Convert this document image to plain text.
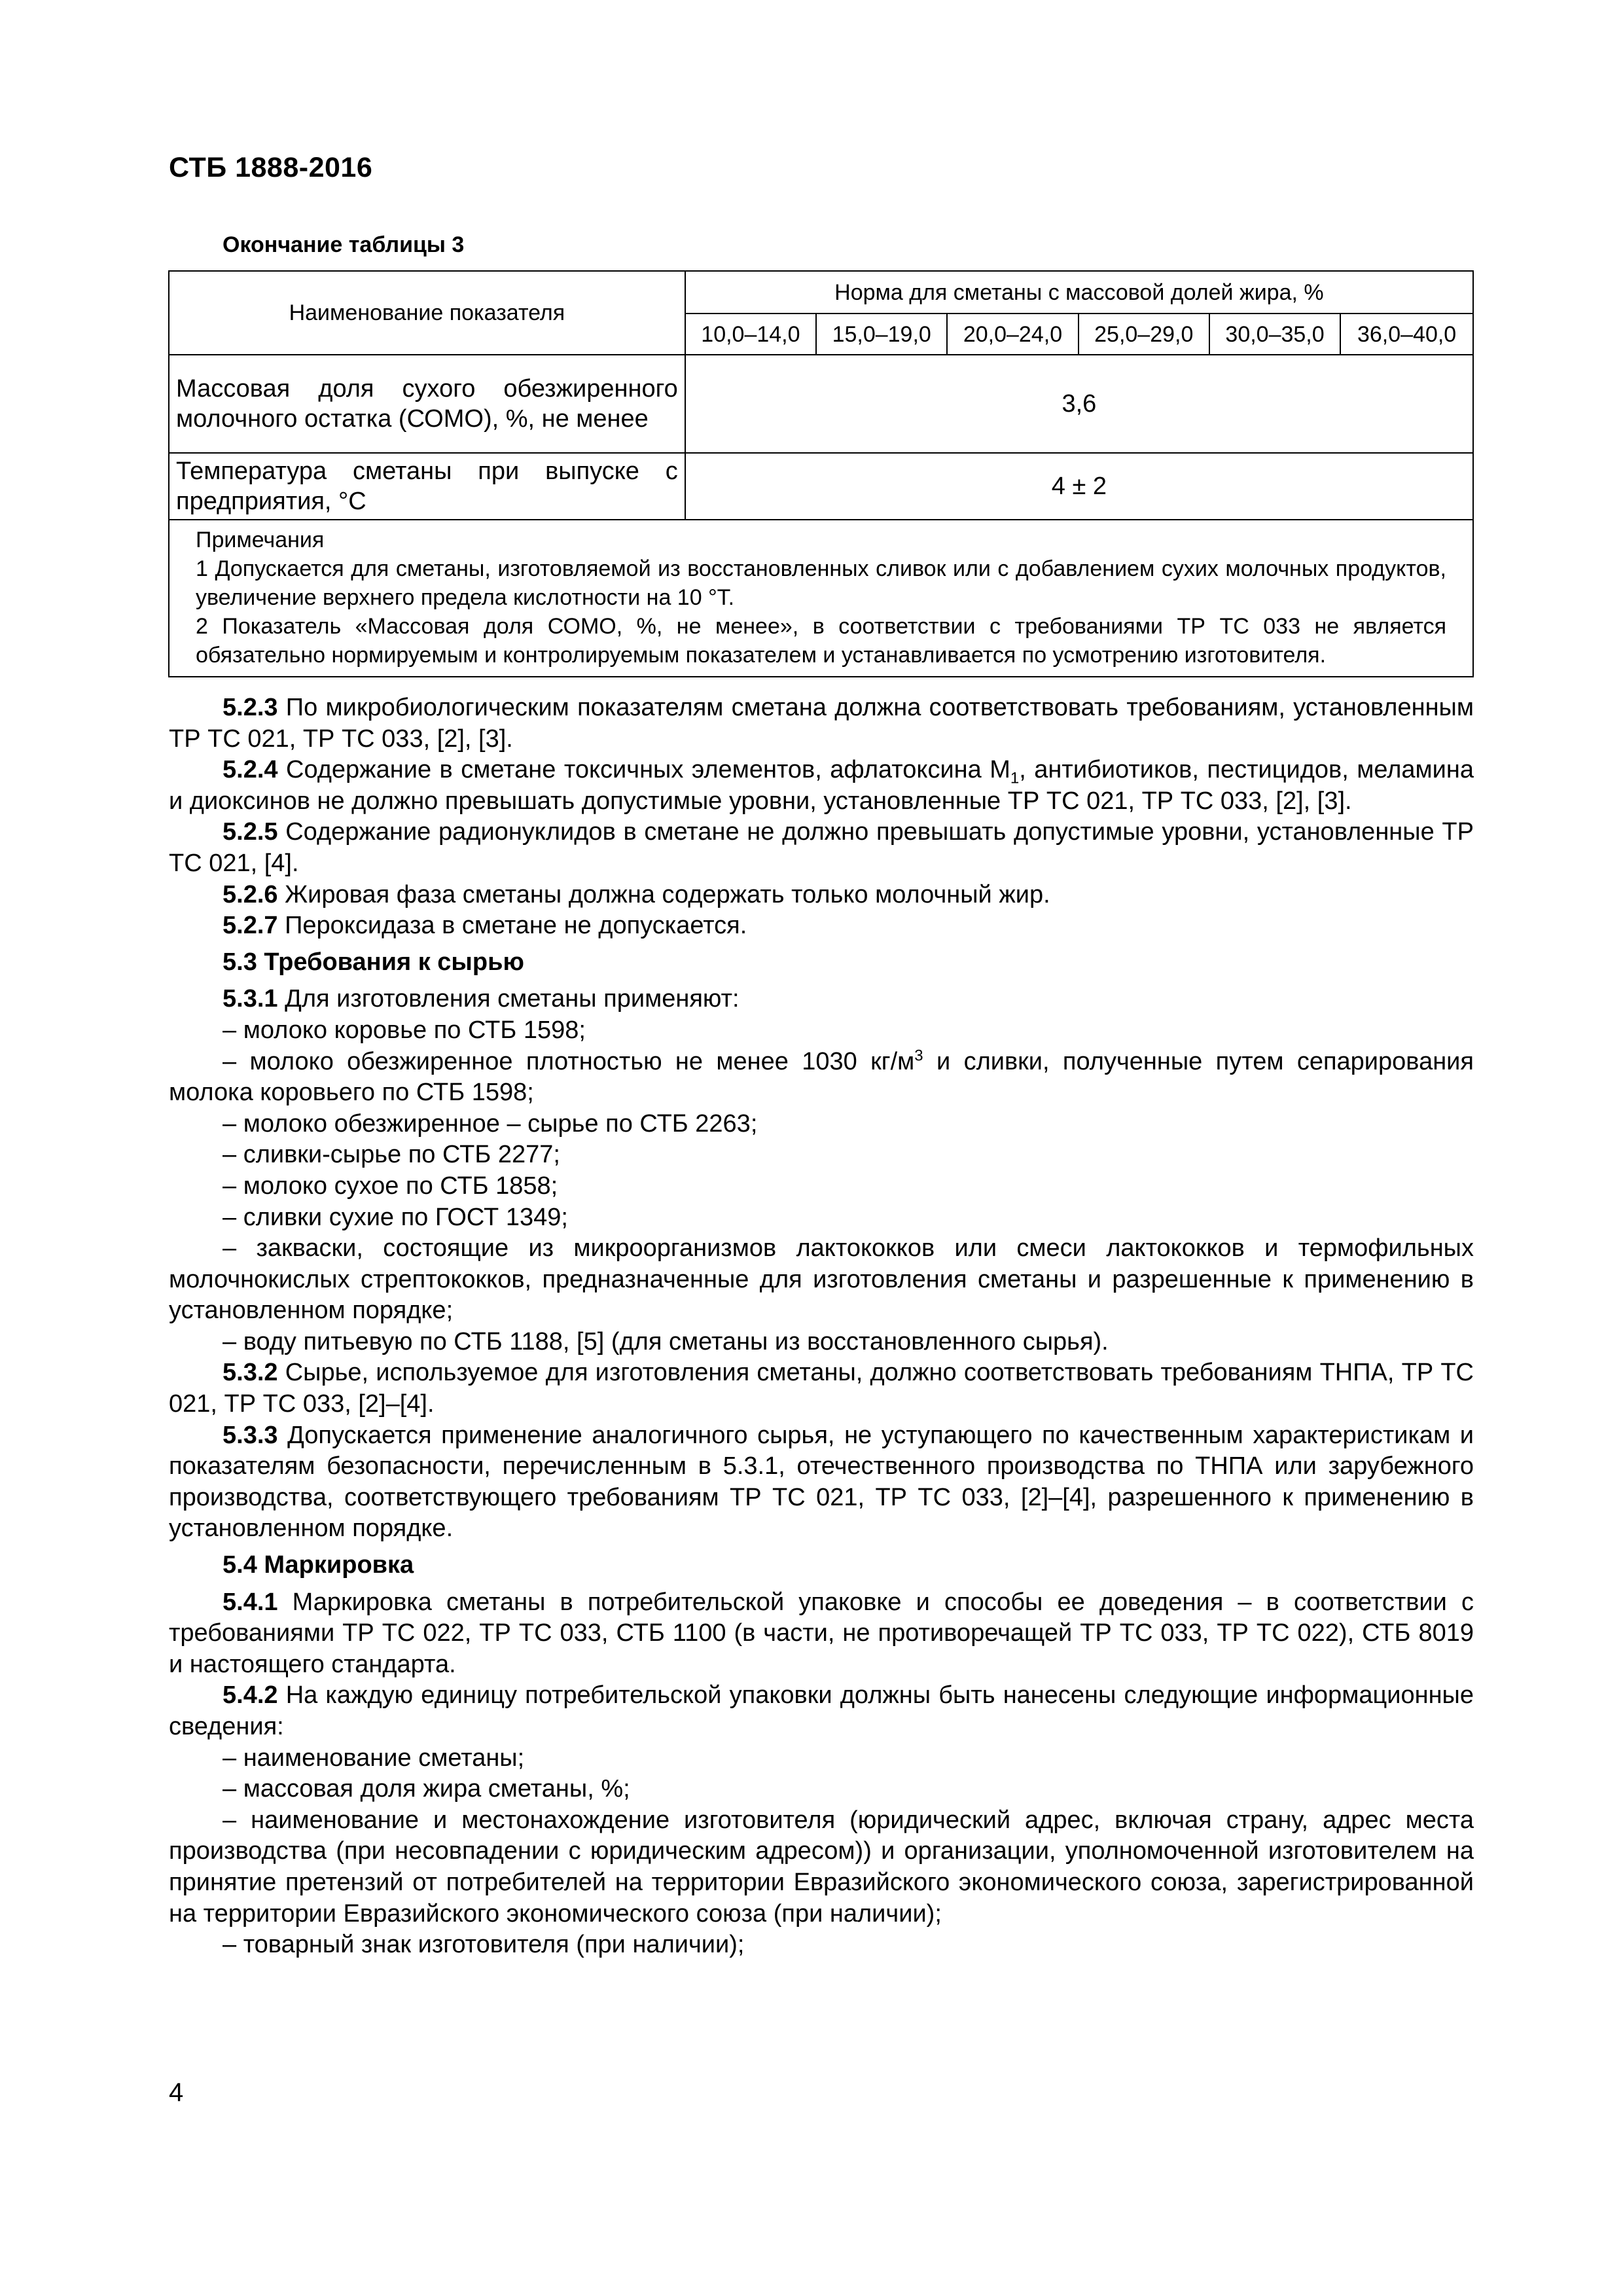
СТБ 1888-2016
Окончание таблицы 3
Наименование показателя	Норма для сметаны с массовой долей жира, %					
	10,0–14,0	15,0–19,0	20,0–24,0	25,0–29,0	30,0–35,0	36,0–40,0
Массовая доля сухого обезжиренного молочного остатка (СОМО), %, не менее	3,6					
Температура сметаны при выпуске с предприятия, °С	4 ± 2					

Примечания
1 Допускается для сметаны, изготовляемой из восстановленных сливок или с добавлением сухих молочных продуктов, увеличение верхнего предела кислотности на 10 °Т.
2 Показатель «Массовая доля СОМО, %, не менее», в соответствии с требованиями ТР ТС 033 не является обязательно нормируемым и контролируемым показателем и устанавливается по усмотрению изготовителя.						

5.2.3 По микробиологическим показателям сметана должна соответствовать требованиям, установленным ТР ТС 021, ТР ТС 033, [2], [3].

5.2.4 Содержание в сметане токсичных элементов, афлатоксина $М_1$, антибиотиков, пестицидов, меламина и диоксинов не должно превышать допустимые уровни, установленные ТР ТС 021, ТР ТС 033, [2], [3].

5.2.5 Содержание радионуклидов в сметане не должно превышать допустимые уровни, установленные ТР ТС 021, [4].

5.2.6 Жировая фаза сметаны должна содержать только молочный жир.

5.2.7 Пероксидаза в сметане не допускается.

5.3 Требования к сырью

5.3.1 Для изготовления сметаны применяют:

– молоко коровье по СТБ 1598;

– молоко обезжиренное плотностью не менее 1030 $кг/м^3$ и сливки, полученные путем сепарирования молока коровьего по СТБ 1598;

– молоко обезжиренное – сырье по СТБ 2263;

– сливки-сырье по СТБ 2277;

– молоко сухое по СТБ 1858;

– сливки сухие по ГОСТ 1349;

– закваски, состоящие из микроорганизмов лактококков или смеси лактококков и термофильных молочнокислых стрептококков, предназначенные для изготовления сметаны и разрешенные к применению в установленном порядке;

– воду питьевую по СТБ 1188, [5] (для сметаны из восстановленного сырья).

5.3.2 Сырье, используемое для изготовления сметаны, должно соответствовать требованиям ТНПА, ТР ТС 021, ТР ТС 033, [2]–[4].

5.3.3 Допускается применение аналогичного сырья, не уступающего по качественным характеристикам и показателям безопасности, перечисленным в 5.3.1, отечественного производства по ТНПА или зарубежного производства, соответствующего требованиям ТР ТС 021, ТР ТС 033, [2]–[4], разрешенного к применению в установленном порядке.

5.4 Маркировка

5.4.1 Маркировка сметаны в потребительской упаковке и способы ее доведения – в соответствии с требованиями ТР ТС 022, ТР ТС 033, СТБ 1100 (в части, не противоречащей ТР ТС 033, ТР ТС 022), СТБ 8019 и настоящего стандарта.

5.4.2 На каждую единицу потребительской упаковки должны быть нанесены следующие информационные сведения:

– наименование сметаны;

– массовая доля жира сметаны, %;

– наименование и местонахождение изготовителя (юридический адрес, включая страну, адрес места производства (при несовпадении с юридическим адресом)) и организации, уполномоченной изготовителем на принятие претензий от потребителей на территории Евразийского экономического союза, зарегистрированной на территории Евразийского экономического союза (при наличии);

– товарный знак изготовителя (при наличии);

4
